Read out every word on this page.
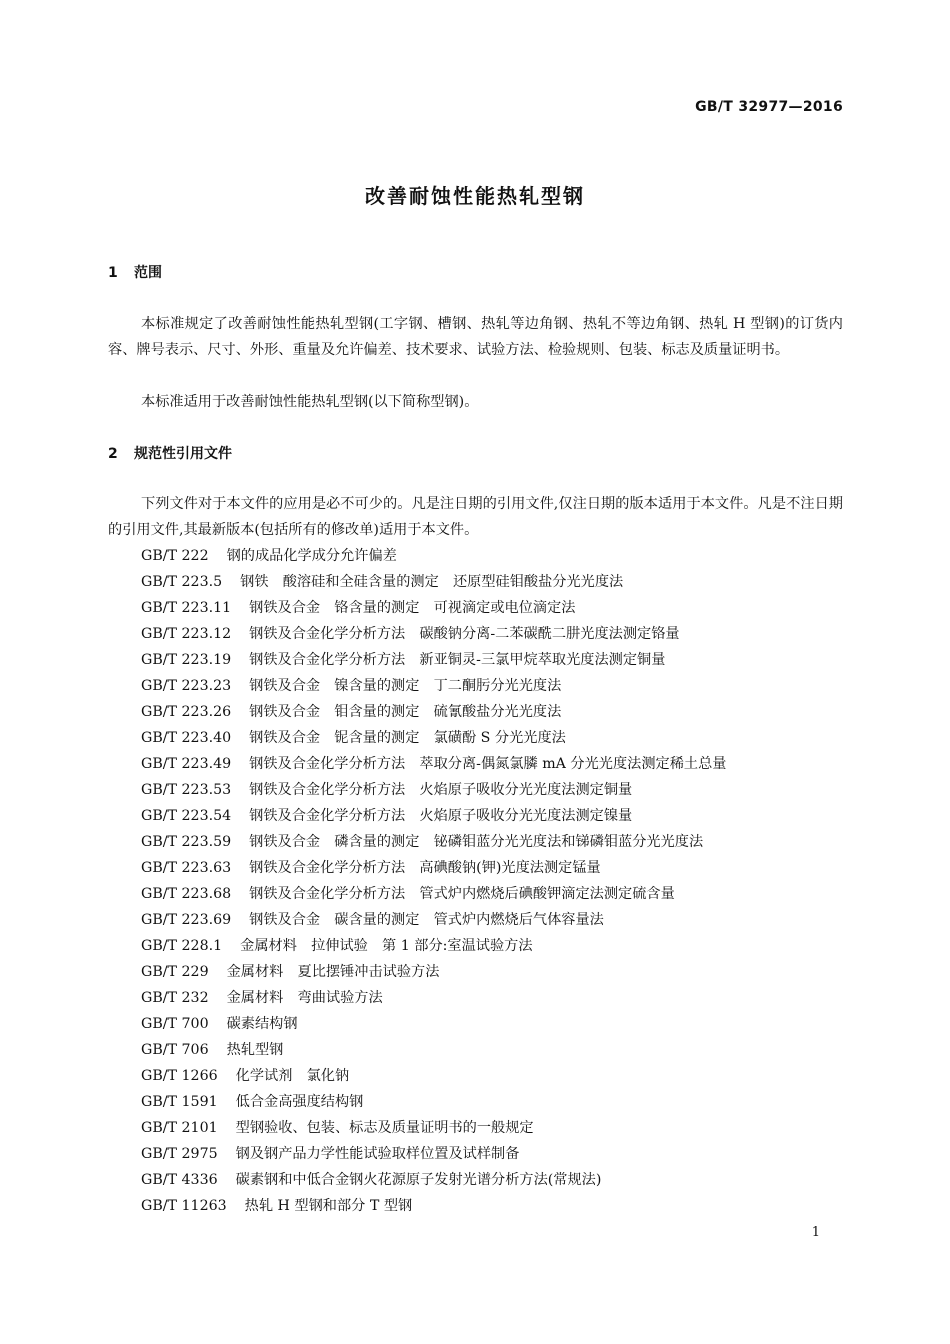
GB/T 32977—2016
改善耐蚀性能热轧型钢
1 范围

本标准规定了改善耐蚀性能热轧型钢(工字钢、槽钢、热轧等边角钢、热轧不等边角钢、热轧 H 型钢)的订货内容、牌号表示、尺寸、外形、重量及允许偏差、技术要求、试验方法、检验规则、包装、标志及质量证明书。

本标准适用于改善耐蚀性能热轧型钢(以下简称型钢)。

2 规范性引用文件

下列文件对于本文件的应用是必不可少的。凡是注日期的引用文件,仅注日期的版本适用于本文件。凡是不注日期的引用文件,其最新版本(包括所有的修改单)适用于本文件。

GB/T 222 钢的成品化学成分允许偏差
GB/T 223.5 钢铁　酸溶硅和全硅含量的测定　还原型硅钼酸盐分光光度法
GB/T 223.11 钢铁及合金　铬含量的测定　可视滴定或电位滴定法
GB/T 223.12 钢铁及合金化学分析方法　碳酸钠分离-二苯碳酰二肼光度法测定铬量
GB/T 223.19 钢铁及合金化学分析方法　新亚铜灵-三氯甲烷萃取光度法测定铜量
GB/T 223.23 钢铁及合金　镍含量的测定　丁二酮肟分光光度法
GB/T 223.26 钢铁及合金　钼含量的测定　硫氰酸盐分光光度法
GB/T 223.40 钢铁及合金　铌含量的测定　氯磺酚 S 分光光度法
GB/T 223.49 钢铁及合金化学分析方法　萃取分离-偶氮氯膦 mA 分光光度法测定稀土总量
GB/T 223.53 钢铁及合金化学分析方法　火焰原子吸收分光光度法测定铜量
GB/T 223.54 钢铁及合金化学分析方法　火焰原子吸收分光光度法测定镍量
GB/T 223.59 钢铁及合金　磷含量的测定　铋磷钼蓝分光光度法和锑磷钼蓝分光光度法
GB/T 223.63 钢铁及合金化学分析方法　高碘酸钠(钾)光度法测定锰量
GB/T 223.68 钢铁及合金化学分析方法　管式炉内燃烧后碘酸钾滴定法测定硫含量
GB/T 223.69 钢铁及合金　碳含量的测定　管式炉内燃烧后气体容量法
GB/T 228.1 金属材料　拉伸试验　第 1 部分:室温试验方法
GB/T 229 金属材料　夏比摆锤冲击试验方法
GB/T 232 金属材料　弯曲试验方法
GB/T 700 碳素结构钢
GB/T 706 热轧型钢
GB/T 1266 化学试剂　氯化钠
GB/T 1591 低合金高强度结构钢
GB/T 2101 型钢验收、包装、标志及质量证明书的一般规定
GB/T 2975 钢及钢产品力学性能试验取样位置及试样制备
GB/T 4336 碳素钢和中低合金钢火花源原子发射光谱分析方法(常规法)
GB/T 11263 热轧 H 型钢和部分 T 型钢
1
